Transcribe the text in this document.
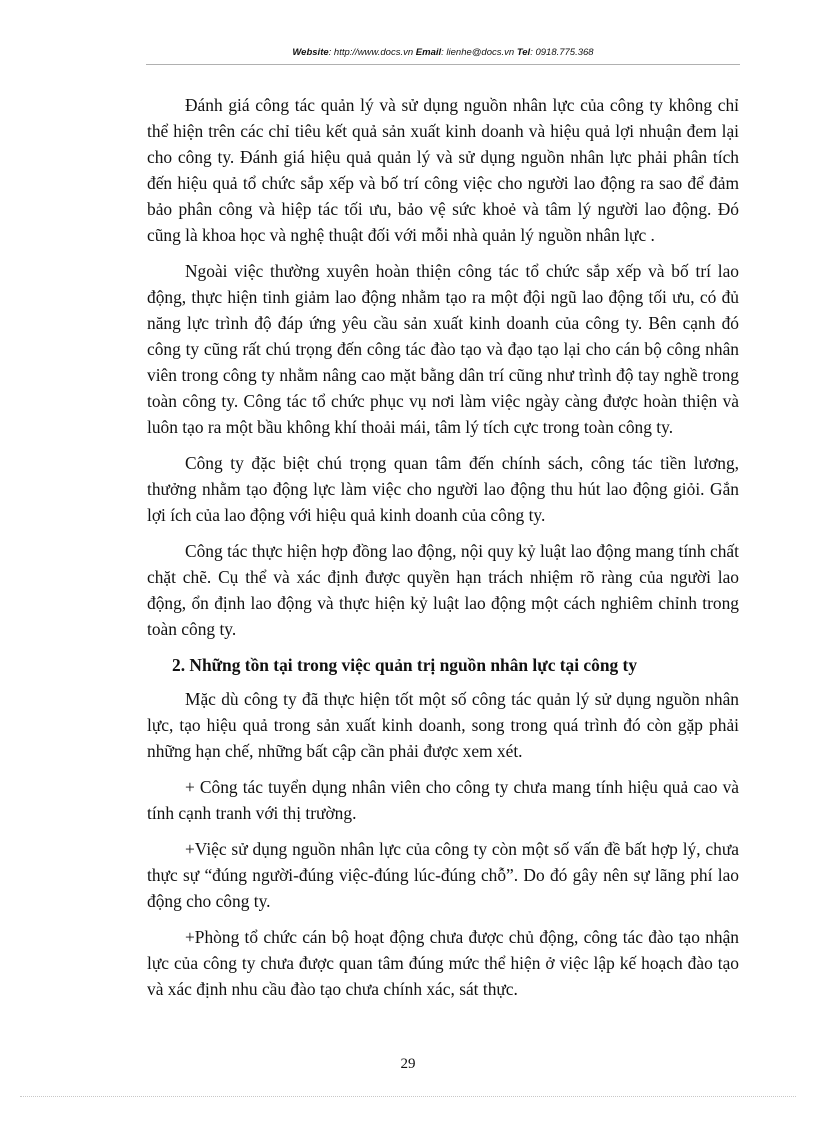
Website: http://www.docs.vn Email: lienhe@docs.vn Tel: 0918.775.368

Đánh giá công tác quản lý và sử dụng nguồn nhân lực của công ty không chỉ thể hiện trên các chỉ tiêu kết quả sản xuất kinh doanh và hiệu quả lợi nhuận đem lại cho công ty. Đánh giá hiệu quả quản lý và sử dụng nguồn nhân lực phải phân tích đến hiệu quả tổ chức sắp xếp và bố trí công việc cho người lao động ra sao để đảm bảo phân công và hiệp tác tối ưu, bảo vệ sức khoẻ và tâm lý người lao động. Đó cũng là khoa học và nghệ thuật đối với mỗi nhà quản lý nguồn nhân lực .

Ngoài việc thường xuyên hoàn thiện công tác tổ chức sắp xếp và bố trí lao động, thực hiện tinh giảm lao động nhằm tạo ra một đội ngũ lao động tối ưu, có đủ năng lực trình độ đáp ứng yêu cầu sản xuất kinh doanh của công ty. Bên cạnh đó công ty cũng rất chú trọng đến công tác đào tạo và đạo tạo lại cho cán bộ công nhân viên trong công ty nhằm nâng cao mặt bằng dân trí cũng như trình độ tay nghề trong toàn công ty. Công tác tổ chức phục vụ nơi làm việc ngày càng được hoàn thiện và luôn tạo ra một bầu không khí thoải mái, tâm lý tích cực trong toàn công ty.

Công ty đặc biệt chú trọng quan tâm đến chính sách, công tác tiền lương, thưởng nhằm tạo động lực làm việc cho người lao động thu hút lao động giỏi. Gắn lợi ích của lao động với hiệu quả kinh doanh của công ty.

Công tác thực hiện hợp đồng lao động, nội quy kỷ luật lao động mang tính chất chặt chẽ. Cụ thể và xác định được quyền hạn trách nhiệm rõ ràng của người lao động, ổn định lao động và thực hiện kỷ luật lao động một cách nghiêm chỉnh trong toàn công ty.

2. Những tồn tại trong việc quản trị nguồn nhân lực tại công ty

Mặc dù công ty đã thực hiện tốt một số công tác quản lý sử dụng nguồn nhân lực, tạo hiệu quả trong sản xuất kinh doanh, song trong quá trình đó còn gặp phải những hạn chế, những bất cập cần phải được xem xét.

+ Công tác tuyển dụng nhân viên cho công ty chưa mang tính hiệu quả cao và tính cạnh tranh với thị trường.

+Việc sử dụng nguồn nhân lực của công ty còn một số vấn đề bất hợp lý, chưa thực sự “đúng người-đúng việc-đúng lúc-đúng chỗ”. Do đó gây nên sự lãng phí lao động cho công ty.

+Phòng tổ chức cán bộ hoạt động chưa được chủ động, công tác đào tạo nhận lực của công ty chưa được quan tâm đúng mức thể hiện ở việc lập kế hoạch đào tạo và xác định nhu cầu đào tạo chưa chính xác, sát thực.

29
